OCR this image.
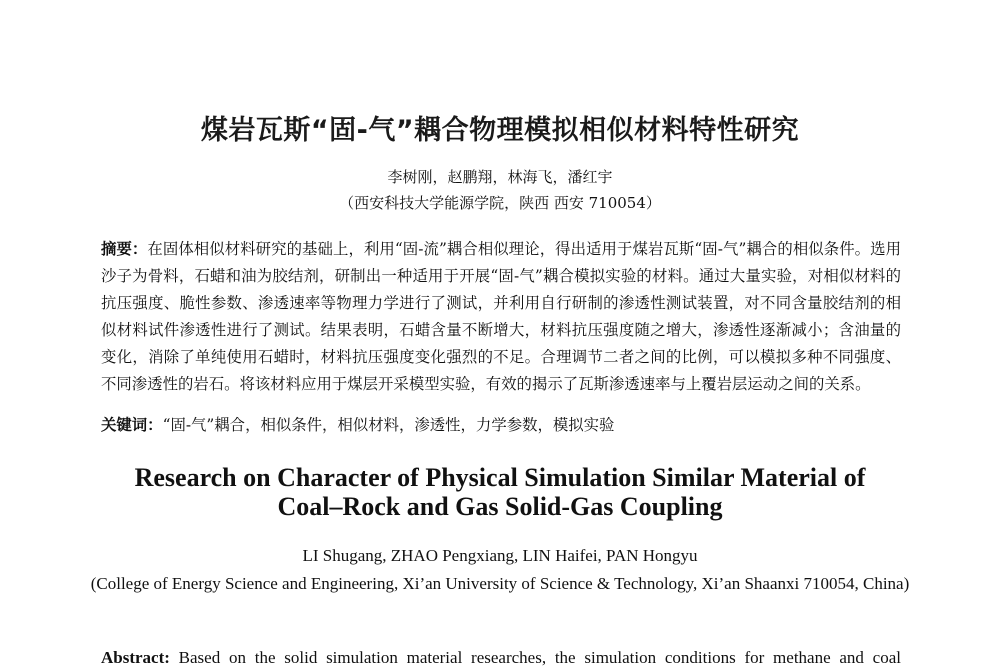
煤岩瓦斯“固-气”耦合物理模拟相似材料特性研究
李树刚，赵鹏翔，林海飞，潘红宇
（西安科技大学能源学院，陕西 西安 710054）
摘要：在固体相似材料研究的基础上，利用“固-流”耦合相似理论，得出适用于煤岩瓦斯“固-气”耦合的相似条件。选用沙子为骨料，石蜡和油为胶结剂，研制出一种适用于开展“固-气”耦合模拟实验的材料。通过大量实验，对相似材料的抗压强度、脆性参数、渗透速率等物理力学进行了测试，并利用自行研制的渗透性测试装置，对不同含量胶结剂的相似材料试件渗透性进行了测试。结果表明，石蜡含量不断增大，材料抗压强度随之增大，渗透性逐渐减小；含油量的变化，消除了单纯使用石蜡时，材料抗压强度变化强烈的不足。合理调节二者之间的比例，可以模拟多种不同强度、不同渗透性的岩石。将该材料应用于煤层开采模型实验，有效的揭示了瓦斯渗透速率与上覆岩层运动之间的关系。
关键词：“固-气”耦合，相似条件，相似材料，渗透性，力学参数，模拟实验
Research on Character of Physical Simulation Similar Material of
Coal–Rock and Gas Solid-Gas Coupling
LI Shugang, ZHAO Pengxiang, LIN Haifei, PAN Hongyu
(College of Energy Science and Engineering, Xi’an University of Science & Technology, Xi’an Shaanxi 710054, China)
Abstract: Based on the solid simulation material researches, the simulation conditions for methane and coal
